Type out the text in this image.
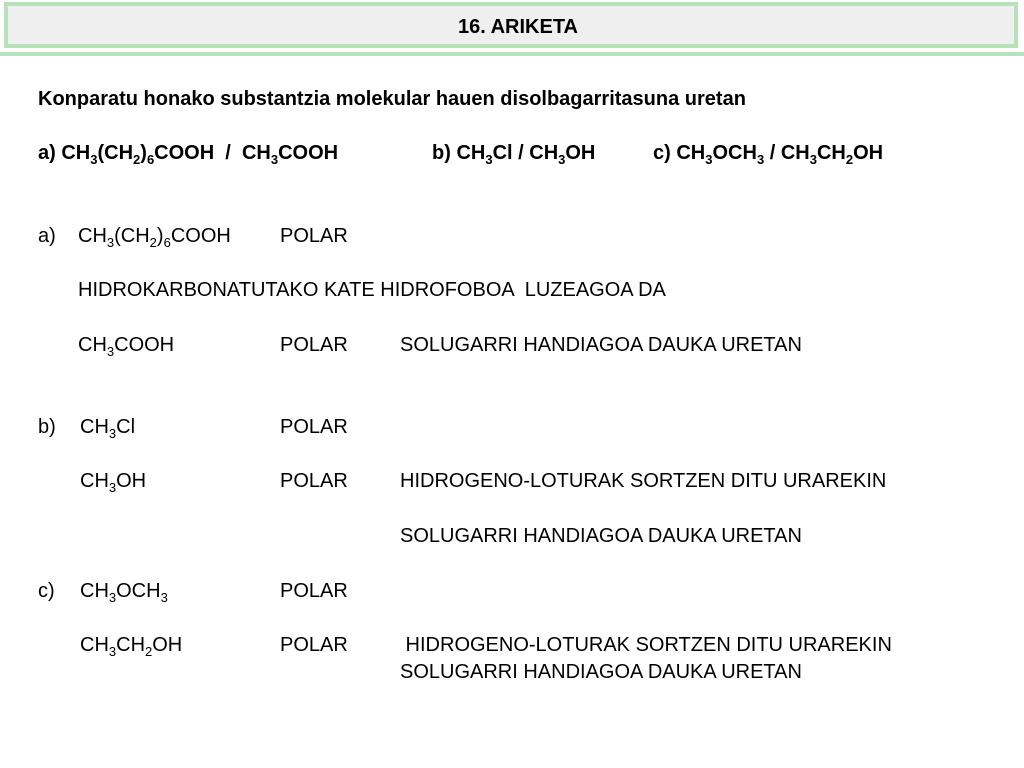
16. ARIKETA
Konparatu honako substantzia molekular hauen disolbagarritasuna uretan
a) $CH_3(CH_2)_6COOH$  /  $CH_3COOH$	b) $CH_3Cl / CH_3OH$	c) $CH_3OCH_3 / CH_3CH_2OH$
a) $CH_3(CH_2)_6COOH$ POLAR
HIDROKARBONATUTAKO KATE HIDROFOBOA  LUZEAGOA DA
$CH_3COOH$	POLAR	SOLUGARRI HANDIAGOA DAUKA URETAN
b) $CH_3Cl$	POLAR
$CH_3OH$	POLAR	HIDROGENO-LOTURAK SORTZEN DITU URAREKIN
SOLUGARRI HANDIAGOA DAUKA URETAN
c) $CH_3OCH_3$	POLAR
$CH_3CH_2OH$	POLAR	HIDROGENO-LOTURAK SORTZEN DITU URAREKIN
SOLUGARRI HANDIAGOA DAUKA URETAN
